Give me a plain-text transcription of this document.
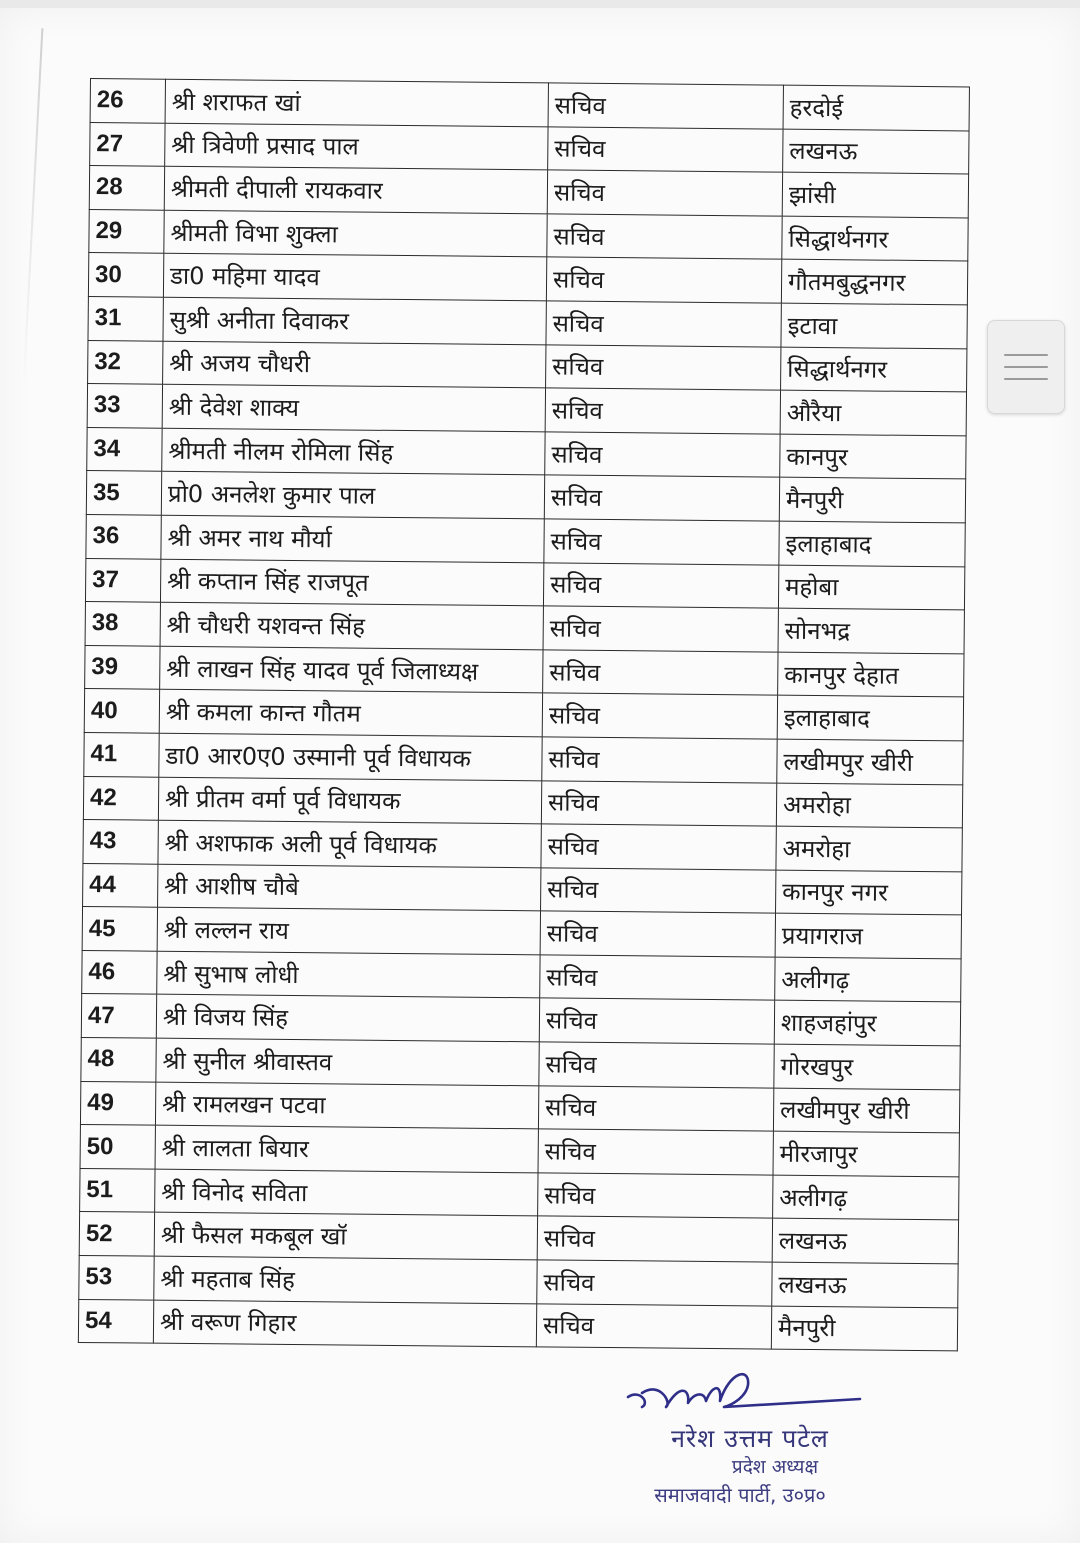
26	श्री शराफत खां	सचिव	हरदोई
27	श्री त्रिवेणी प्रसाद पाल	सचिव	लखनऊ
28	श्रीमती दीपाली रायकवार	सचिव	झांसी
29	श्रीमती विभा शुक्ला	सचिव	सिद्धार्थनगर
30	डा0 महिमा यादव	सचिव	गौतमबुद्धनगर
31	सुश्री अनीता दिवाकर	सचिव	इटावा
32	श्री अजय चौधरी	सचिव	सिद्धार्थनगर
33	श्री देवेश शाक्य	सचिव	औरैया
34	श्रीमती नीलम रोमिला सिंह	सचिव	कानपुर
35	प्रो0 अनलेश कुमार पाल	सचिव	मैनपुरी
36	श्री अमर नाथ मौर्या	सचिव	इलाहाबाद
37	श्री कप्तान सिंह राजपूत	सचिव	महोबा
38	श्री चौधरी यशवन्त सिंह	सचिव	सोनभद्र
39	श्री लाखन सिंह यादव पूर्व जिलाध्यक्ष	सचिव	कानपुर देहात
40	श्री कमला कान्त गौतम	सचिव	इलाहाबाद
41	डा0 आर0ए0 उस्मानी पूर्व विधायक	सचिव	लखीमपुर खीरी
42	श्री प्रीतम वर्मा पूर्व विधायक	सचिव	अमरोहा
43	श्री अशफाक अली पूर्व विधायक	सचिव	अमरोहा
44	श्री आशीष चौबे	सचिव	कानपुर नगर
45	श्री लल्लन राय	सचिव	प्रयागराज
46	श्री सुभाष लोधी	सचिव	अलीगढ़
47	श्री विजय सिंह	सचिव	शाहजहांपुर
48	श्री सुनील श्रीवास्तव	सचिव	गोरखपुर
49	श्री रामलखन पटवा	सचिव	लखीमपुर खीरी
50	श्री लालता बियार	सचिव	मीरजापुर
51	श्री विनोद सविता	सचिव	अलीगढ़
52	श्री फैसल मकबूल खॉ	सचिव	लखनऊ
53	श्री महताब सिंह	सचिव	लखनऊ
54	श्री वरूण गिहार	सचिव	मैनपुरी
नरेश उत्तम पटेल
प्रदेश अध्यक्ष
समाजवादी पार्टी, उ०प्र०
